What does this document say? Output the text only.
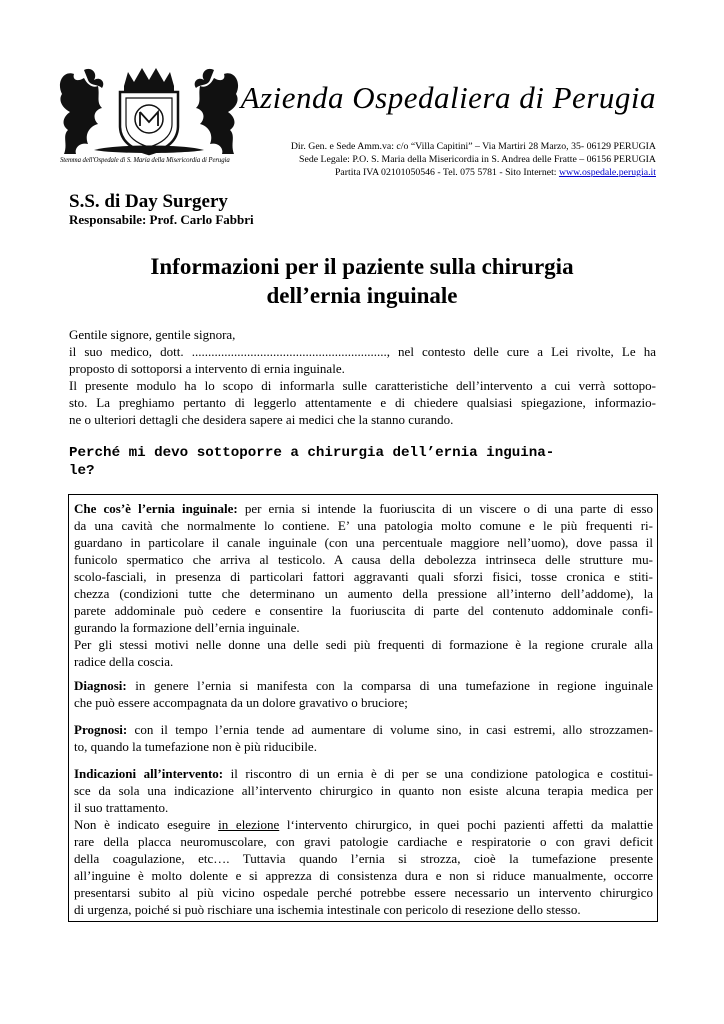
Stemma dell'Ospedale di S. Maria della Misericordia di Perugia
Azienda Ospedaliera di Perugia
Dir. Gen. e Sede Amm.va: c/o “Villa Capitini” – Via Martiri 28 Marzo, 35- 06129 PERUGIA
Sede Legale: P.O. S. Maria della Misericordia in S. Andrea delle Fratte – 06156 PERUGIA
Partita IVA 02101050546 - Tel. 075 5781 - Sito Internet: www.ospedale.perugia.it
S.S. di Day Surgery
Responsabile: Prof. Carlo Fabbri
Informazioni per il paziente sulla chirurgia
dell’ernia inguinale
Gentile signore, gentile signora,
il suo medico, dott. ............................................................, nel contesto delle cure a Lei rivolte, Le ha
proposto di sottoporsi a intervento di ernia inguinale.
Il presente modulo ha lo scopo di informarla sulle caratteristiche dell’intervento a cui verrà sottopo-
sto. La preghiamo pertanto di leggerlo attentamente e di chiedere qualsiasi spiegazione, informazio-
ne o ulteriori dettagli che desidera sapere ai medici che la stanno curando.
Perché mi devo sottoporre a chirurgia dell’ernia inguina-
le?
Che cos’è l’ernia inguinale: per ernia si intende la fuoriuscita di un viscere o di una parte di esso
da una cavità che normalmente lo contiene. E’ una patologia molto comune e le più frequenti ri-
guardano in particolare il canale inguinale (con una percentuale maggiore nell’uomo), dove passa il
funicolo spermatico che arriva al testicolo. A causa della debolezza intrinseca delle strutture mu-
scolo-fasciali, in presenza di particolari fattori aggravanti quali sforzi fisici, tosse cronica e stiti-
chezza (condizioni tutte che determinano un aumento della pressione all’interno dell’addome), la
parete addominale può cedere e consentire la fuoriuscita di parte del contenuto addominale confi-
gurando la formazione dell’ernia inguinale.
Per gli stessi motivi nelle donne una delle sedi più frequenti di formazione è la regione crurale alla
radice della coscia.
Diagnosi: in genere l’ernia si manifesta con la comparsa di una tumefazione in regione inguinale
che può essere accompagnata da un dolore gravativo o bruciore;
Prognosi: con il tempo l’ernia tende ad aumentare di volume sino, in casi estremi, allo strozzamen-
to, quando la tumefazione non è più riducibile.
Indicazioni all’intervento: il riscontro di un ernia è di per se una condizione patologica e costitui-
sce da sola una indicazione all’intervento chirurgico in quanto non esiste alcuna terapia medica per
il suo trattamento.
Non è indicato eseguire in elezione l‘intervento chirurgico, in quei pochi pazienti affetti da malattie
rare della placca neuromuscolare, con gravi patologie cardiache e respiratorie o con gravi deficit
della coagulazione, etc…. Tuttavia quando l’ernia si strozza, cioè la tumefazione presente
all’inguine è molto dolente e si apprezza di consistenza dura e non si riduce manualmente, occorre
presentarsi subito al più vicino ospedale perché potrebbe essere necessario un intervento chirurgico
di urgenza, poiché si può rischiare una ischemia intestinale con pericolo di resezione dello stesso.
